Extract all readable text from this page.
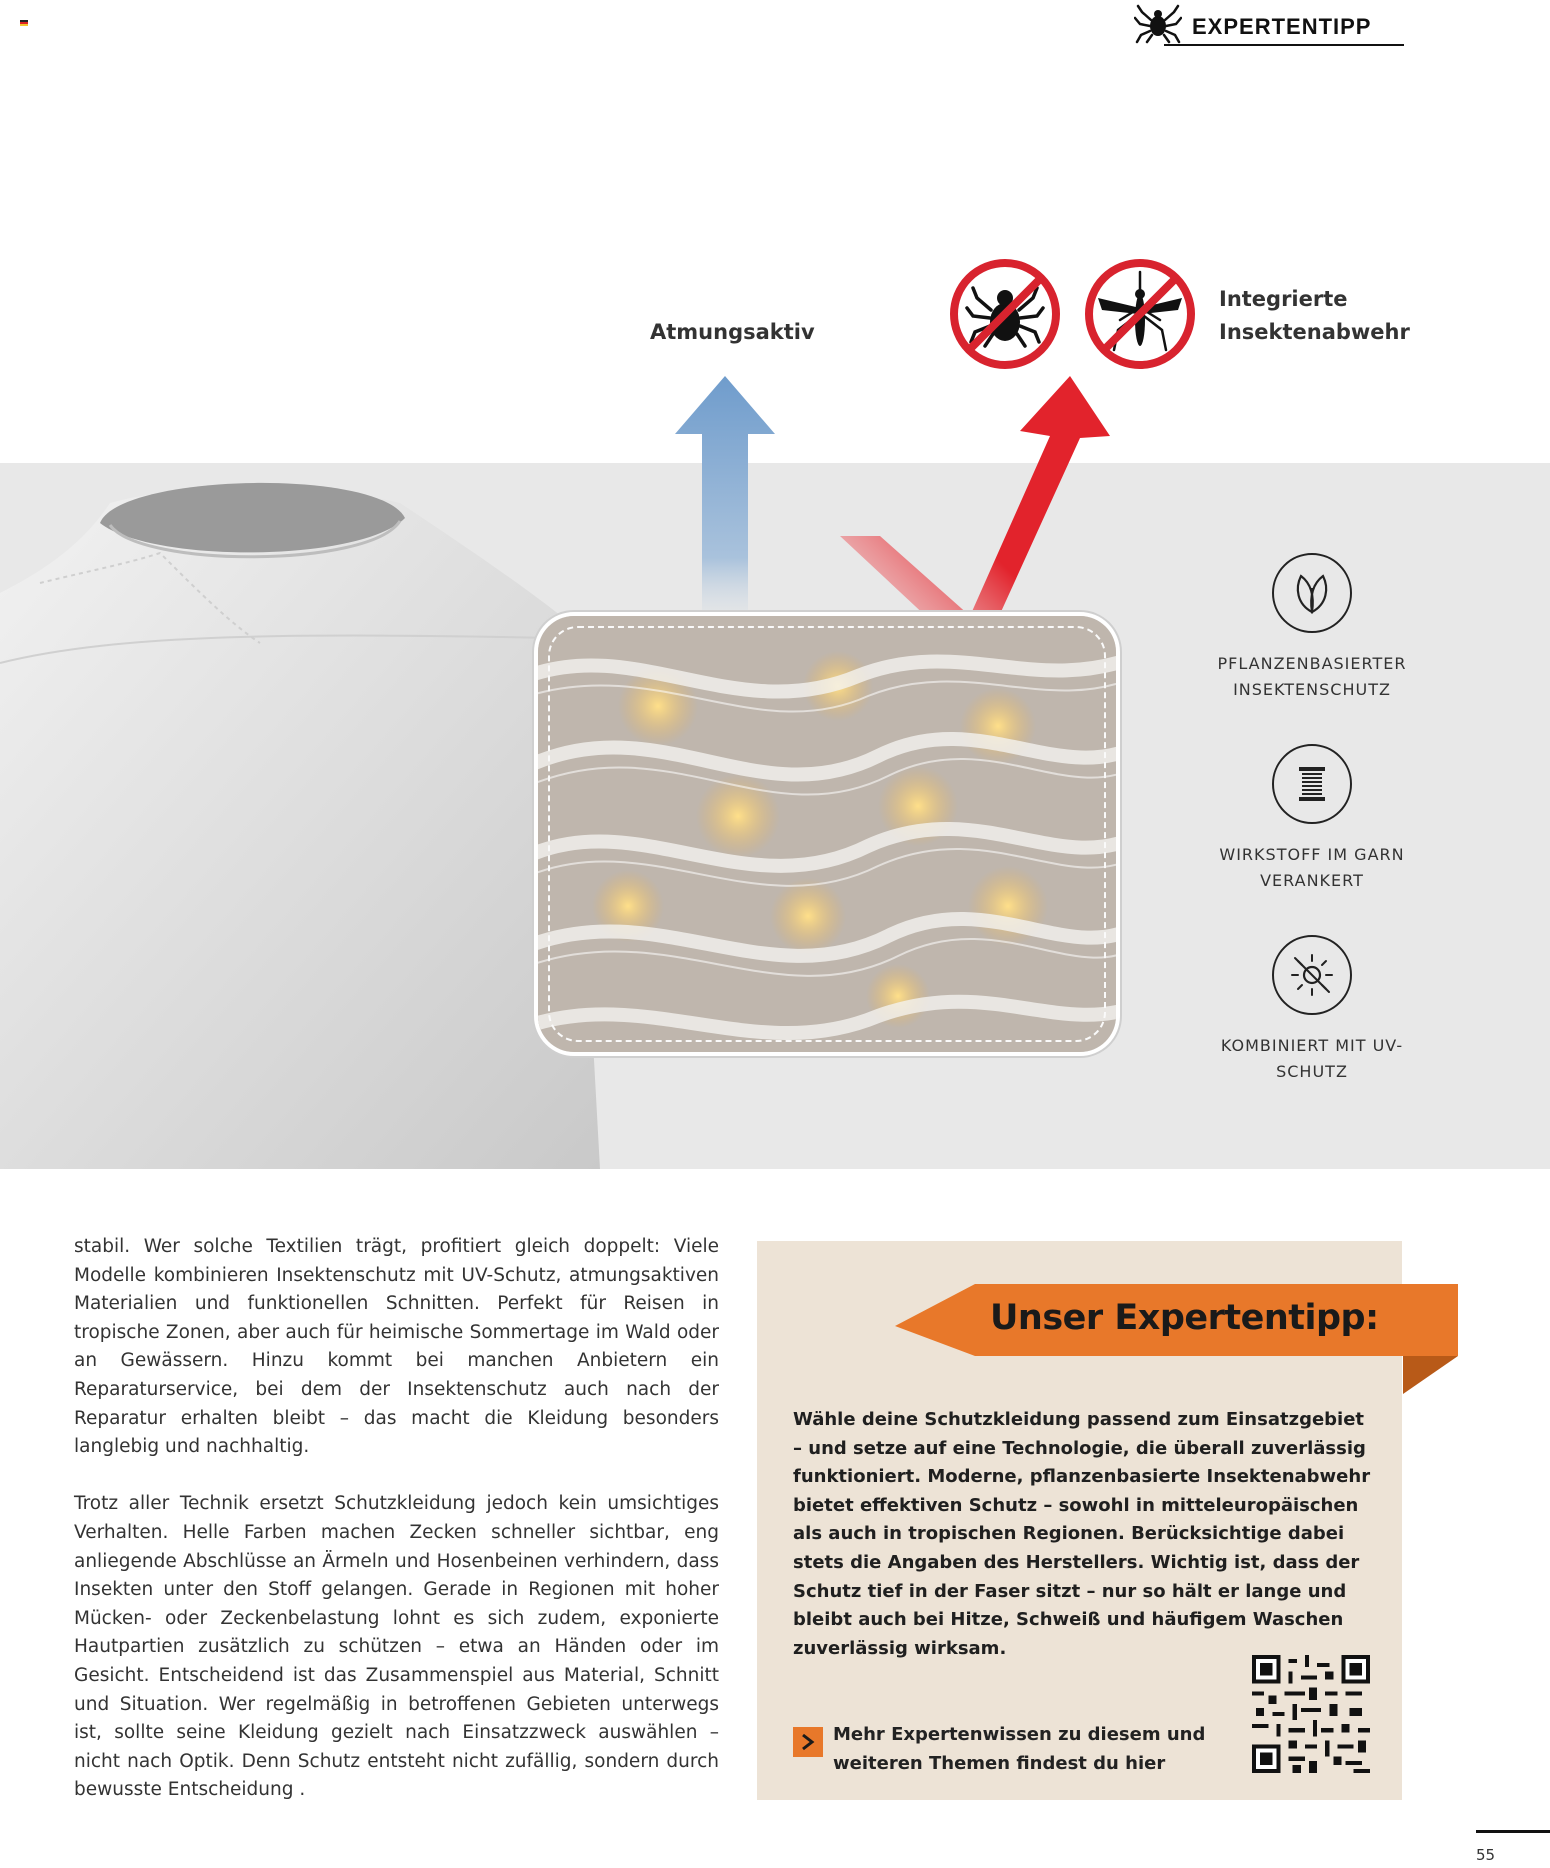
EXPERTENTIPP
Atmungsaktiv
Integrierte Insektenabwehr
PFLANZENBASIERTER INSEKTENSCHUTZ
WIRKSTOFF IM GARN VERANKERT
KOMBINIERT MIT UV-SCHUTZ

stabil. Wer solche Textilien trägt, profitiert gleich doppelt: Viele Modelle kombinieren Insektenschutz mit UV-Schutz, atmungsaktiven Materialien und funktionellen Schnitten. Perfekt für Reisen in tropische Zonen, aber auch für heimische Sommertage im Wald oder an Gewässern. Hinzu kommt bei manchen Anbietern ein Reparaturservice, bei dem der Insektenschutz auch nach der Reparatur erhalten bleibt – das macht die Kleidung besonders langlebig und nachhaltig.

Trotz aller Technik ersetzt Schutzkleidung jedoch kein umsichtiges Verhalten. Helle Farben machen Zecken schneller sichtbar, eng anliegende Abschlüsse an Ärmeln und Hosenbeinen verhindern, dass Insekten unter den Stoff gelangen. Gerade in Regionen mit hoher Mücken- oder Zeckenbelastung lohnt es sich zudem, exponierte Hautpartien zusätzlich zu schützen – etwa an Händen oder im Gesicht. Entscheidend ist das Zusammenspiel aus Material, Schnitt und Situation. Wer regelmäßig in betroffenen Gebieten unterwegs ist, sollte seine Kleidung gezielt nach Einsatzzweck auswählen – nicht nach Optik. Denn Schutz entsteht nicht zufällig, sondern durch bewusste Entscheidung .

Unser Expertentipp:
Wähle deine Schutzkleidung passend zum Einsatzgebiet – und setze auf eine Technologie, die überall zuverlässig funktioniert. Moderne, pflanzenbasierte Insektenabwehr bietet effektiven Schutz – sowohl in mitteleuropäischen als auch in tropischen Regionen. Berücksichtige dabei stets die Angaben des Herstellers. Wichtig ist, dass der Schutz tief in der Faser sitzt – nur so hält er lange und bleibt auch bei Hitze, Schweiß und häufigem Waschen zuverlässig wirksam.
Mehr Expertenwissen zu diesem und weiteren Themen findest du hier
55
